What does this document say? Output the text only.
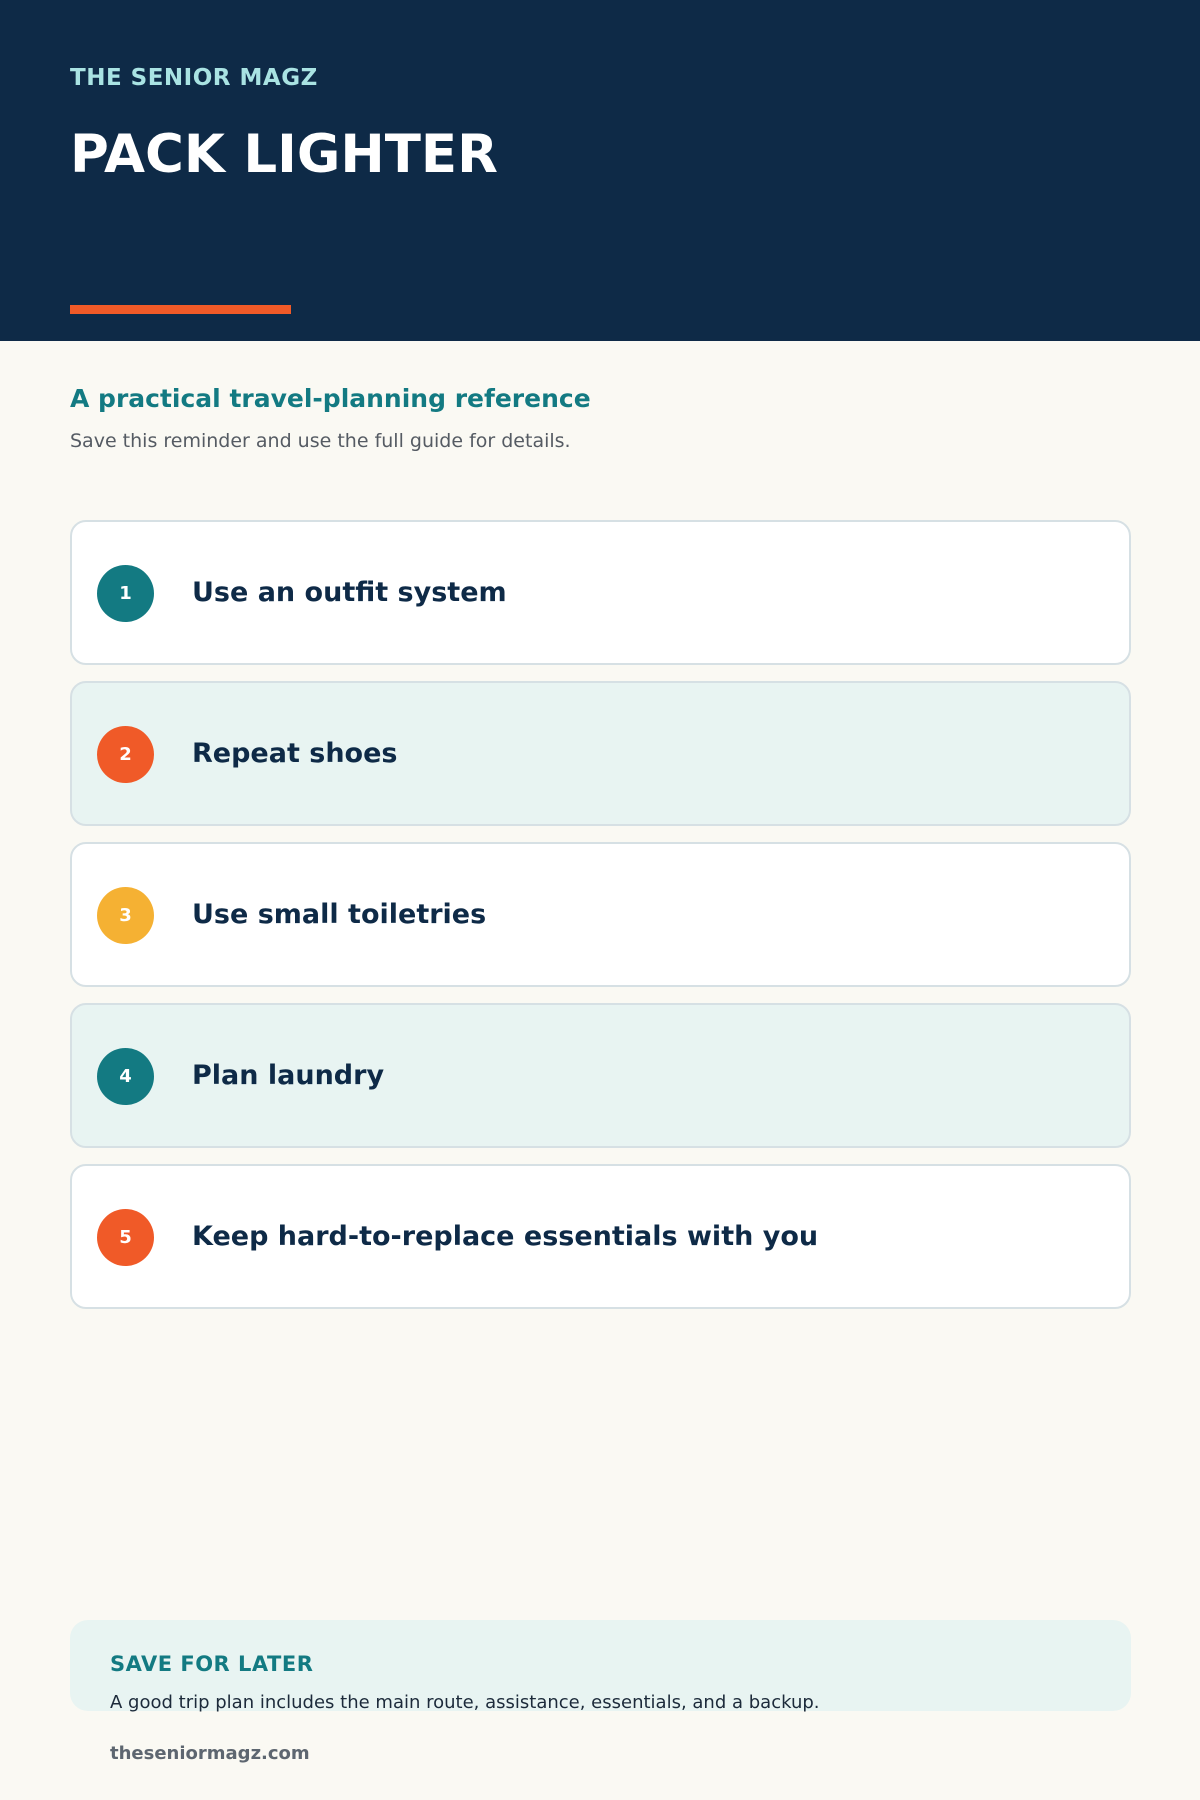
THE SENIOR MAGZ
PACK LIGHTER
A practical travel-planning reference
Save this reminder and use the full guide for details.
1	Use an outfit system
2	Repeat shoes
3	Use small toiletries
4	Plan laundry
5	Keep hard-to-replace essentials with you
SAVE FOR LATER
A good trip plan includes the main route, assistance, essentials, and a backup.
theseniormagz.com
